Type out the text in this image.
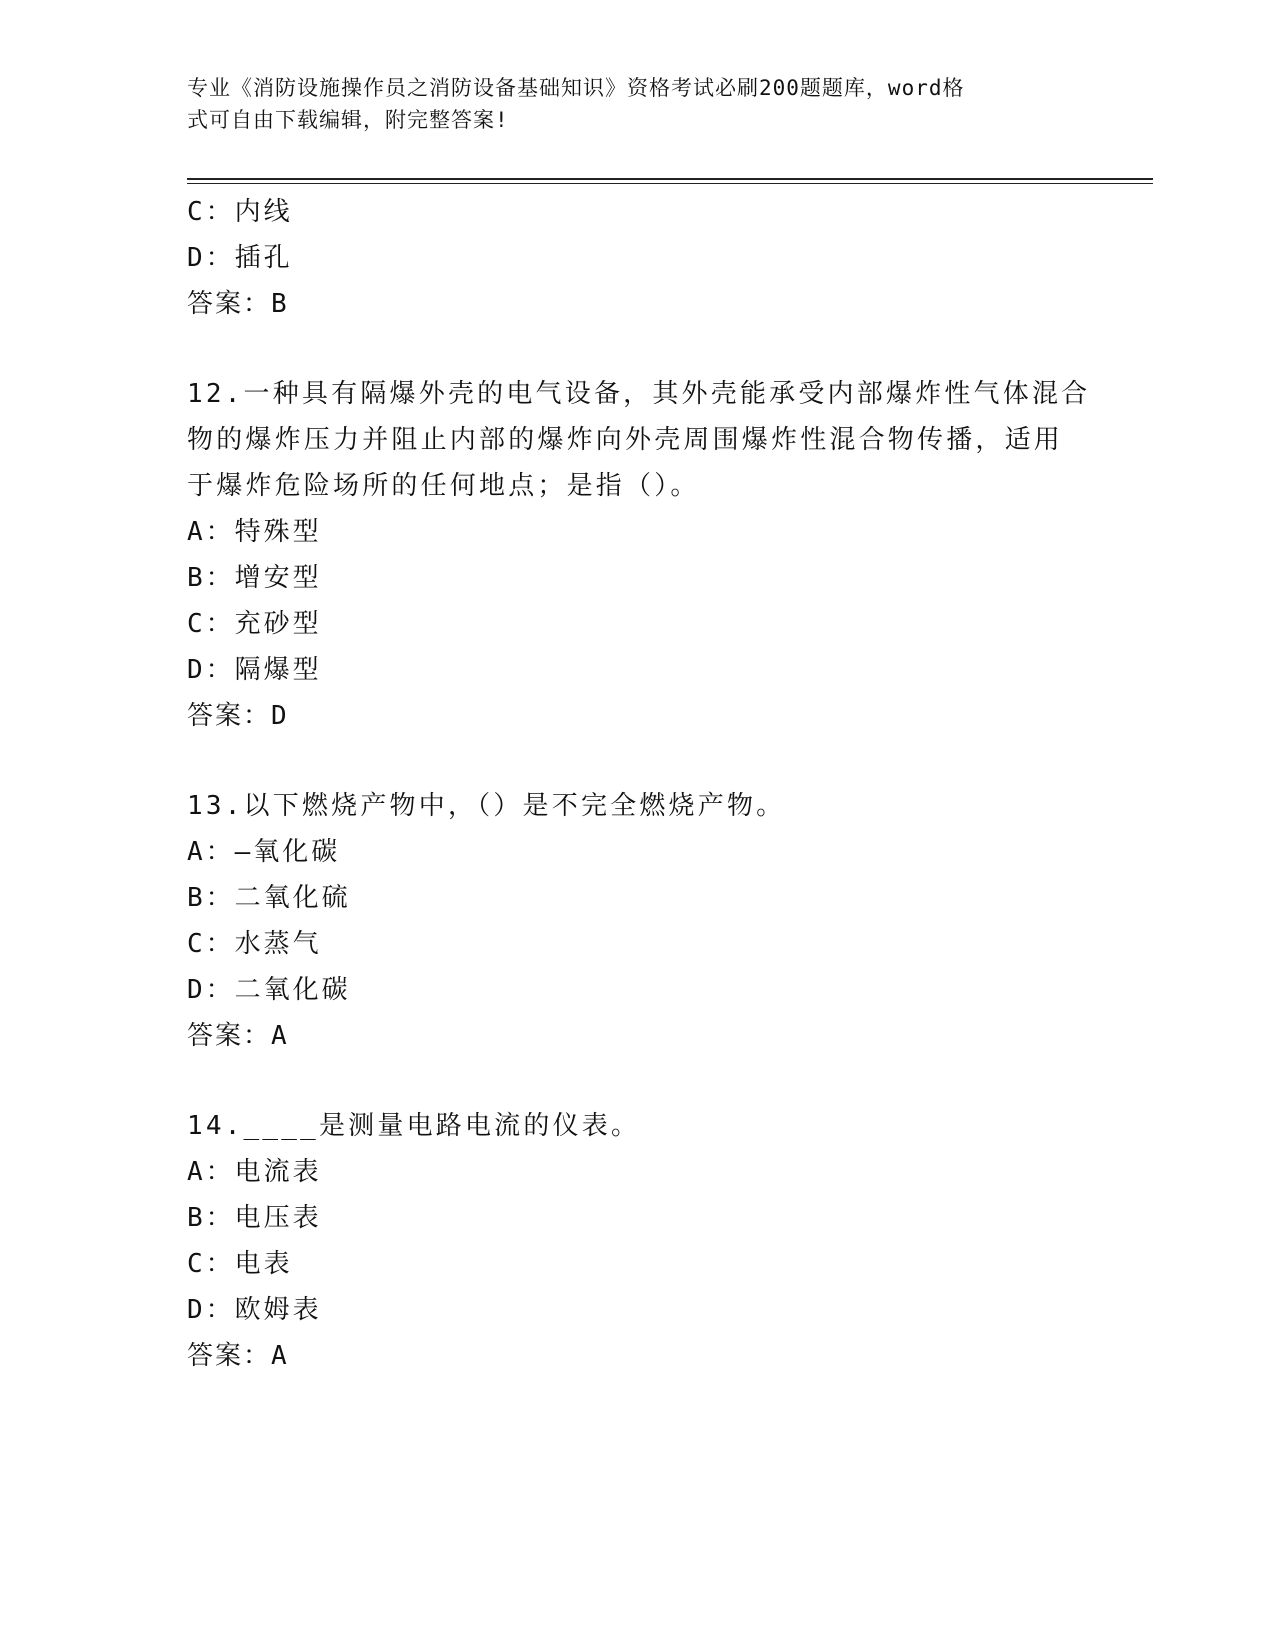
专业《消防设施操作员之消防设备基础知识》资格考试必刷200题题库，word格
式可自由下载编辑，附完整答案!
C：内线
D：插孔
答案：B
12.一种具有隔爆外壳的电气设备，其外壳能承受内部爆炸性气体混合
物的爆炸压力并阻止内部的爆炸向外壳周围爆炸性混合物传播，适用
于爆炸危险场所的任何地点；是指（）。
A：特殊型
B：增安型
C：充砂型
D：隔爆型
答案：D
13.以下燃烧产物中，（）是不完全燃烧产物。
A：—氧化碳
B：二氧化硫
C：水蒸气
D：二氧化碳
答案：A
14.____是测量电路电流的仪表。
A：电流表
B：电压表
C：电表
D：欧姆表
答案：A
